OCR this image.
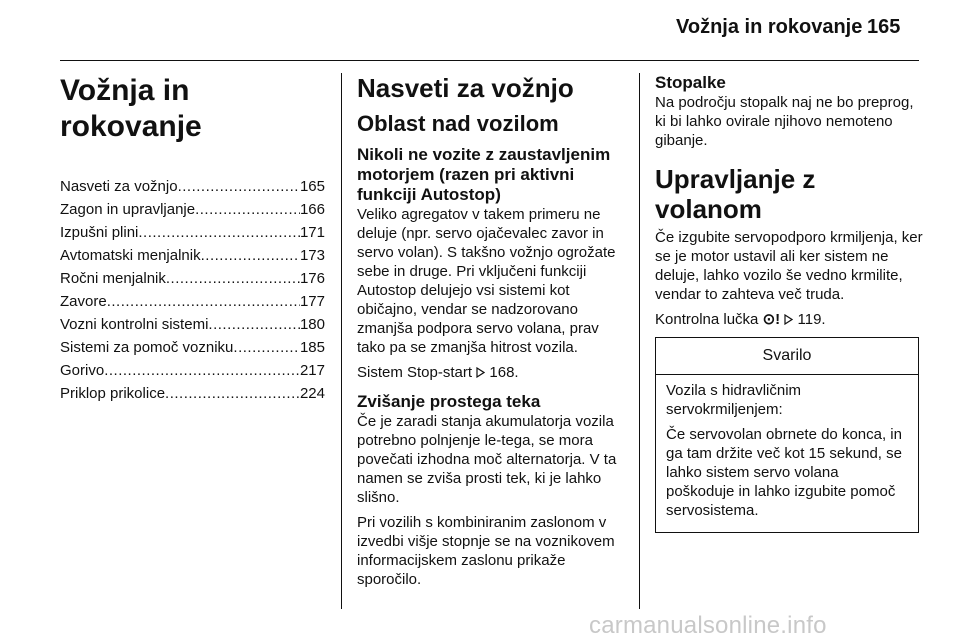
Vožnja in rokovanje 165
Vožnja in rokovanje
Nasveti za vožnjo .....	165
Zagon in upravljanje .....	166
Izpušni plini .....	171
Avtomatski menjalnik .....	173
Ročni menjalnik .....	176
Zavore .....	177
Vozni kontrolni sistemi .....	180
Sistemi za pomoč vozniku .....	185
Gorivo .....	217
Priklop prikolice .....	224
Nasveti za vožnjo
Oblast nad vozilom
Nikoli ne vozite z zaustavljenim motorjem (razen pri aktivni funkciji Autostop)

Veliko agregatov v takem primeru ne deluje (npr. servo ojačevalec zavor in servo volan). S takšno vožnjo ogrožate sebe in druge. Pri vključeni funkciji Autostop delujejo vsi sistemi kot običajno, vendar se nadzorovano zmanjša podpora servo volana, prav tako pa se zmanjša hitrost vozila.

Sistem Stop-start 168.

Zvišanje prostega teka

Če je zaradi stanja akumulatorja vozila potrebno polnjenje le-tega, se mora povečati izhodna moč alternatorja. V ta namen se zviša prosti tek, ki je lahko slišno.

Pri vozilih s kombiniranim zaslonom v izvedbi višje stopnje se na voznikovem informacijskem zaslonu prikaže sporočilo.

Stopalke

Na področju stopalk naj ne bo preprog, ki bi lahko ovirale njihovo nemoteno gibanje.

Upravljanje z volanom

Če izgubite servopodporo krmiljenja, ker se je motor ustavil ali ker sistem ne deluje, lahko vozilo še vedno krmilite, vendar to zahteva več truda.

Kontrolna lučka ⊙! 119.

Svarilo

Vozila s hidravličnim servokrmiljenjem:

Če servovolan obrnete do konca, in ga tam držite več kot 15 sekund, se lahko sistem servo volana poškoduje in lahko izgubite pomoč servosistema.

carmanualsonline.info
